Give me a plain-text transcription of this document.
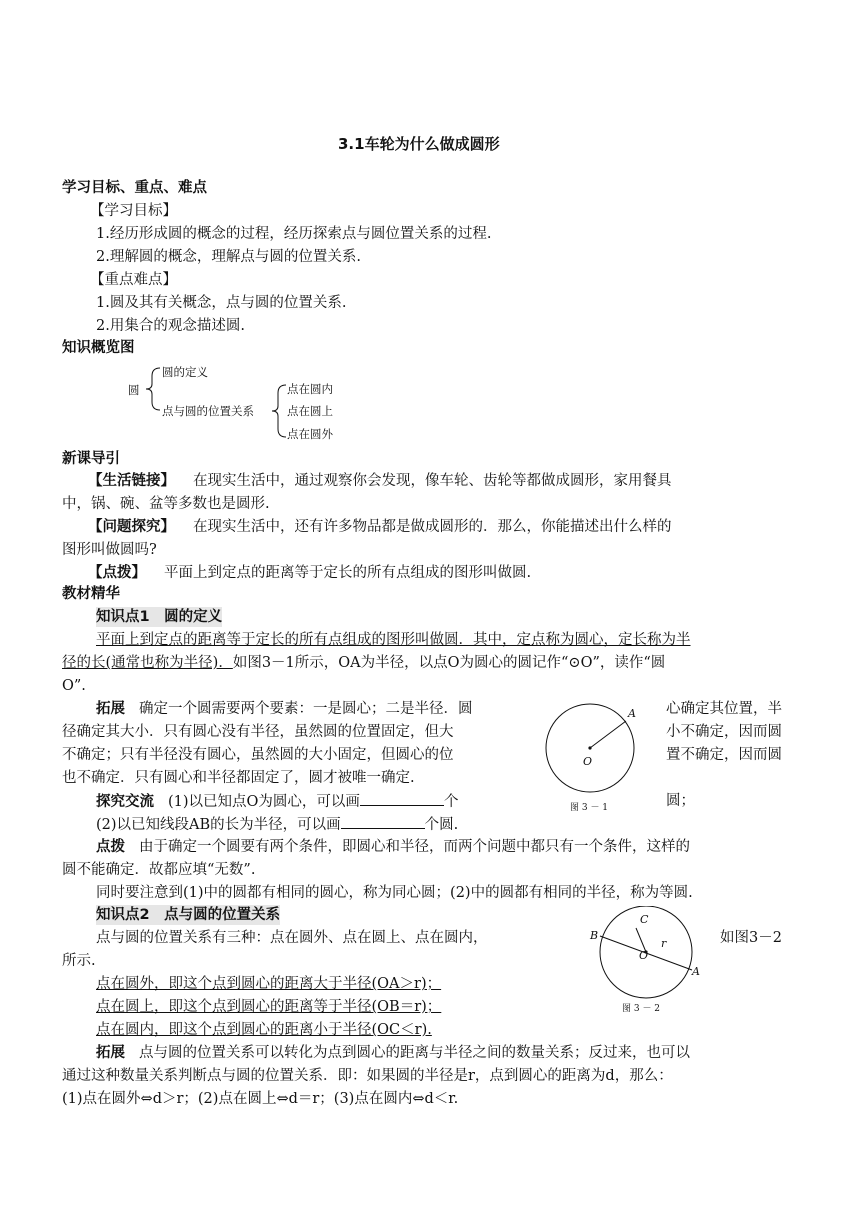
3.1车轮为什么做成圆形
学习目标、重点、难点
【学习目标】
1.经历形成圆的概念的过程，经历探索点与圆位置关系的过程.
2.理解圆的概念，理解点与圆的位置关系.
【重点难点】
1.圆及其有关概念，点与圆的位置关系.
2.用集合的观念描述圆.
知识概览图
圆
圆的定义
点与圆的位置关系
点在圆内
点在圆上
点在圆外
新课导引
【生活链接】 在现实生活中，通过观察你会发现，像车轮、齿轮等都做成圆形，家用餐具
中，锅、碗、盆等多数也是圆形.
【问题探究】 在现实生活中，还有许多物品都是做成圆形的．那么，你能描述出什么样的
图形叫做圆吗?
【点拨】 平面上到定点的距离等于定长的所有点组成的图形叫做圆.
教材精华
知识点1　圆的定义
平面上到定点的距离等于定长的所有点组成的图形叫做圆．其中，定点称为圆心，定长称为半
径的长(通常也称为半径)．如图3－1所示，OA为半径，以点O为圆心的圆记作“⊙O”，读作“圆
O”.
拓展 确定一个圆需要两个要素：一是圆心；二是半径．圆	心确定其位置，半
径确定其大小．只有圆心没有半径，虽然圆的位置固定，但大	小不确定，因而圆
不确定；只有半径没有圆心，虽然圆的大小固定，但圆心的位	置不确定，因而圆
也不确定．只有圆心和半径都固定了，圆才被唯一确定.
A
O
图 3 － 1
探究交流 (1)以已知点O为圆心，可以画	个	圆；
(2)以已知线段AB的长为半径，可以画	个圆.
点拨 由于确定一个圆要有两个条件，即圆心和半径，而两个问题中都只有一个条件，这样的
圆不能确定．故都应填“无数”.
同时要注意到(1)中的圆都有相同的圆心，称为同心圆；(2)中的圆都有相同的半径，称为等圆.
知识点2　点与圆的位置关系
点与圆的位置关系有三种：点在圆外、点在圆上、点在圆内，	如图3－2
所示.
点在圆外，即这个点到圆心的距离大于半径(OA＞r)；
点在圆上，即这个点到圆心的距离等于半径(OB＝r)；
点在圆内，即这个点到圆心的距离小于半径(OC＜r).
B
C
r
O
A
图 3 － 2
拓展 点与圆的位置关系可以转化为点到圆心的距离与半径之间的数量关系；反过来，也可以
通过这种数量关系判断点与圆的位置关系．即：如果圆的半径是r，点到圆心的距离为d，那么：
(1)点在圆外⇔d＞r；(2)点在圆上⇔d＝r；(3)点在圆内⇔d＜r.
